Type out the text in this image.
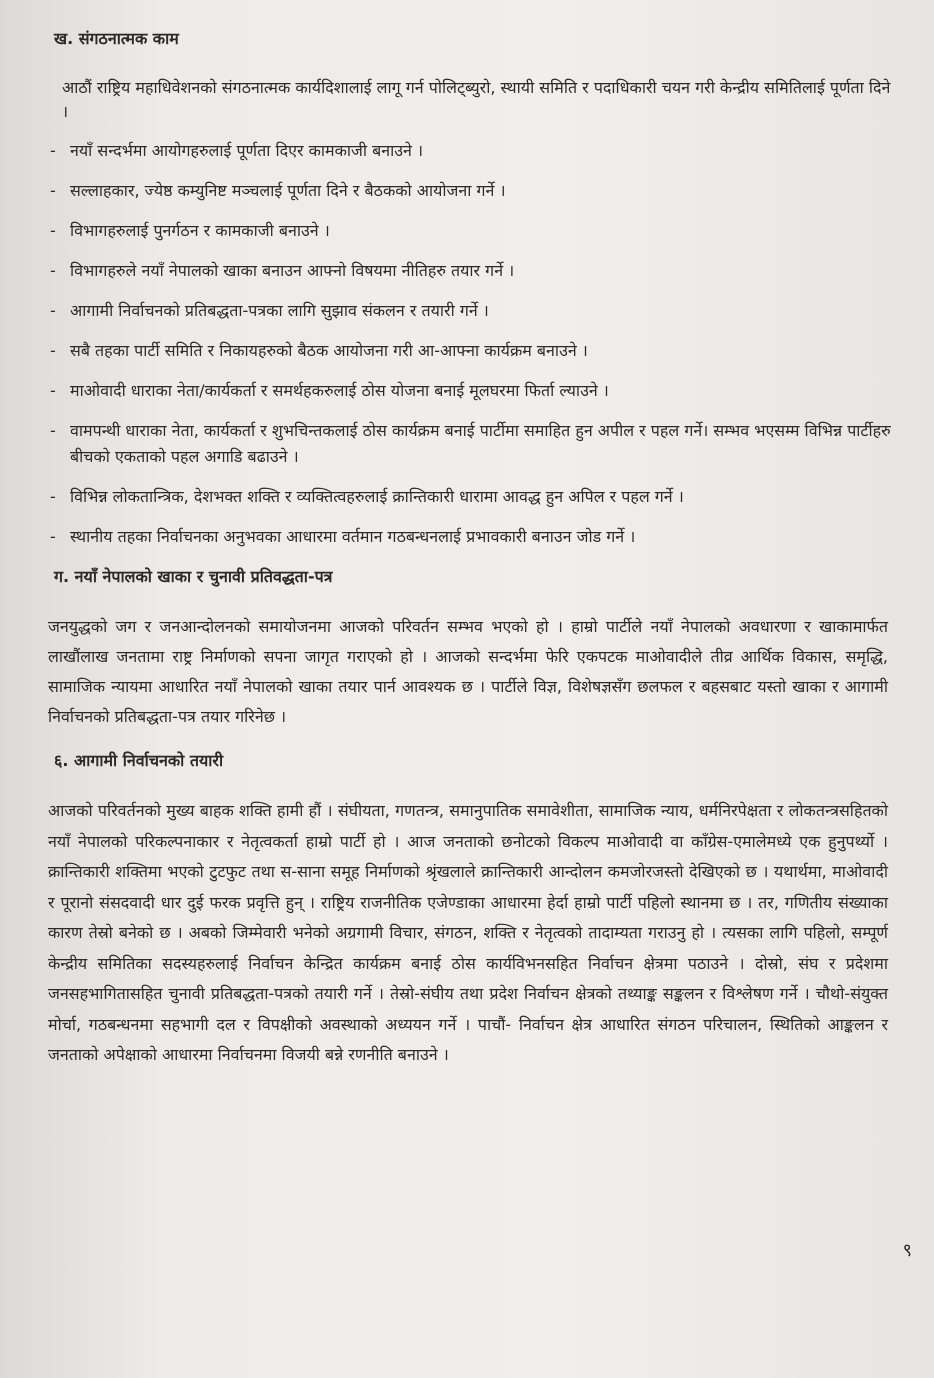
ख. संगठनात्मक काम

आठौं राष्ट्रिय महाधिवेशनको संगठनात्मक कार्यदिशालाई लागू गर्न पोलिट्ब्युरो, स्थायी समिति र पदाधिकारी चयन गरी केन्द्रीय समितिलाई पूर्णता दिने ।

- नयाँ सन्दर्भमा आयोगहरुलाई पूर्णता दिएर कामकाजी बनाउने ।
- सल्लाहकार, ज्येष्ठ कम्युनिष्ट मञ्चलाई पूर्णता दिने र बैठकको आयोजना गर्ने ।
- विभागहरुलाई पुनर्गठन र कामकाजी बनाउने ।
- विभागहरुले नयाँ नेपालको खाका बनाउन आफ्नो विषयमा नीतिहरु तयार गर्ने ।
- आगामी निर्वाचनको प्रतिबद्धता-पत्रका लागि सुझाव संकलन र तयारी गर्ने ।
- सबै तहका पार्टी समिति र निकायहरुको बैठक आयोजना गरी आ-आफ्ना कार्यक्रम बनाउने ।
- माओवादी धाराका नेता/कार्यकर्ता र समर्थहकरुलाई ठोस योजना बनाई मूलघरमा फिर्ता ल्याउने ।
- वामपन्थी धाराका नेता, कार्यकर्ता र शुभचिन्तकलाई ठोस कार्यक्रम बनाई पार्टीमा समाहित हुन अपील र पहल गर्ने। सम्भव भएसम्म विभिन्न पार्टीहरु बीचको एकताको पहल अगाडि बढाउने ।
- विभिन्न लोकतान्त्रिक, देशभक्त शक्ति र व्यक्तित्वहरुलाई क्रान्तिकारी धारामा आवद्ध हुन अपिल र पहल गर्ने ।
- स्थानीय तहका निर्वाचनका अनुभवका आधारमा वर्तमान गठबन्धनलाई प्रभावकारी बनाउन जोड गर्ने ।
ग. नयाँ नेपालको खाका र चुनावी प्रतिवद्धता-पत्र

जनयुद्धको जग र जनआन्दोलनको समायोजनमा आजको परिवर्तन सम्भव भएको हो । हाम्रो पार्टीले नयाँ नेपालको अवधारणा र खाकामार्फत लाखौंलाख जनतामा राष्ट्र निर्माणको सपना जागृत गराएको हो । आजको सन्दर्भमा फेरि एकपटक माओवादीले तीव्र आर्थिक विकास, समृद्धि, सामाजिक न्यायमा आधारित नयाँ नेपालको खाका तयार पार्न आवश्यक छ । पार्टीले विज्ञ, विशेषज्ञसँग छलफल र बहसबाट यस्तो खाका र आगामी निर्वाचनको प्रतिबद्धता-पत्र तयार गरिनेछ ।

६. आगामी निर्वाचनको तयारी

आजको परिवर्तनको मुख्य बाहक शक्ति हामी हौं । संघीयता, गणतन्त्र, समानुपातिक समावेशीता, सामाजिक न्याय, धर्मनिरपेक्षता र लोकतन्त्रसहितको नयाँ नेपालको परिकल्पनाकार र नेतृत्वकर्ता हाम्रो पार्टी हो । आज जनताको छनोटको विकल्प माओवादी वा काँग्रेस-एमालेमध्ये एक हुनुपर्थ्यो । क्रान्तिकारी शक्तिमा भएको टुटफुट तथा स-साना समूह निर्माणको श्रृंखलाले क्रान्तिकारी आन्दोलन कमजोरजस्तो देखिएको छ । यथार्थमा, माओवादी र पूरानो संसदवादी धार दुई फरक प्रवृत्ति हुन् । राष्ट्रिय राजनीतिक एजेण्डाका आधारमा हेर्दा हाम्रो पार्टी पहिलो स्थानमा छ । तर, गणितीय संख्याका कारण तेस्रो बनेको छ । अबको जिम्मेवारी भनेको अग्रगामी विचार, संगठन, शक्ति र नेतृत्वको तादाम्यता गराउनु हो । त्यसका लागि पहिलो, सम्पूर्ण केन्द्रीय समितिका सदस्यहरुलाई निर्वाचन केन्द्रित कार्यक्रम बनाई ठोस कार्यविभनसहित निर्वाचन क्षेत्रमा पठाउने । दोस्रो, संघ र प्रदेशमा जनसहभागितासहित चुनावी प्रतिबद्धता-पत्रको तयारी गर्ने । तेस्रो-संघीय तथा प्रदेश निर्वाचन क्षेत्रको तथ्याङ्क सङ्कलन र विश्लेषण गर्ने । चौथो-संयुक्त मोर्चा, गठबन्धनमा सहभागी दल र विपक्षीको अवस्थाको अध्ययन गर्ने । पाचौं- निर्वाचन क्षेत्र आधारित संगठन परिचालन, स्थितिको आङ्कलन र जनताको अपेक्षाको आधारमा निर्वाचनमा विजयी बन्ने रणनीति बनाउने ।

९
